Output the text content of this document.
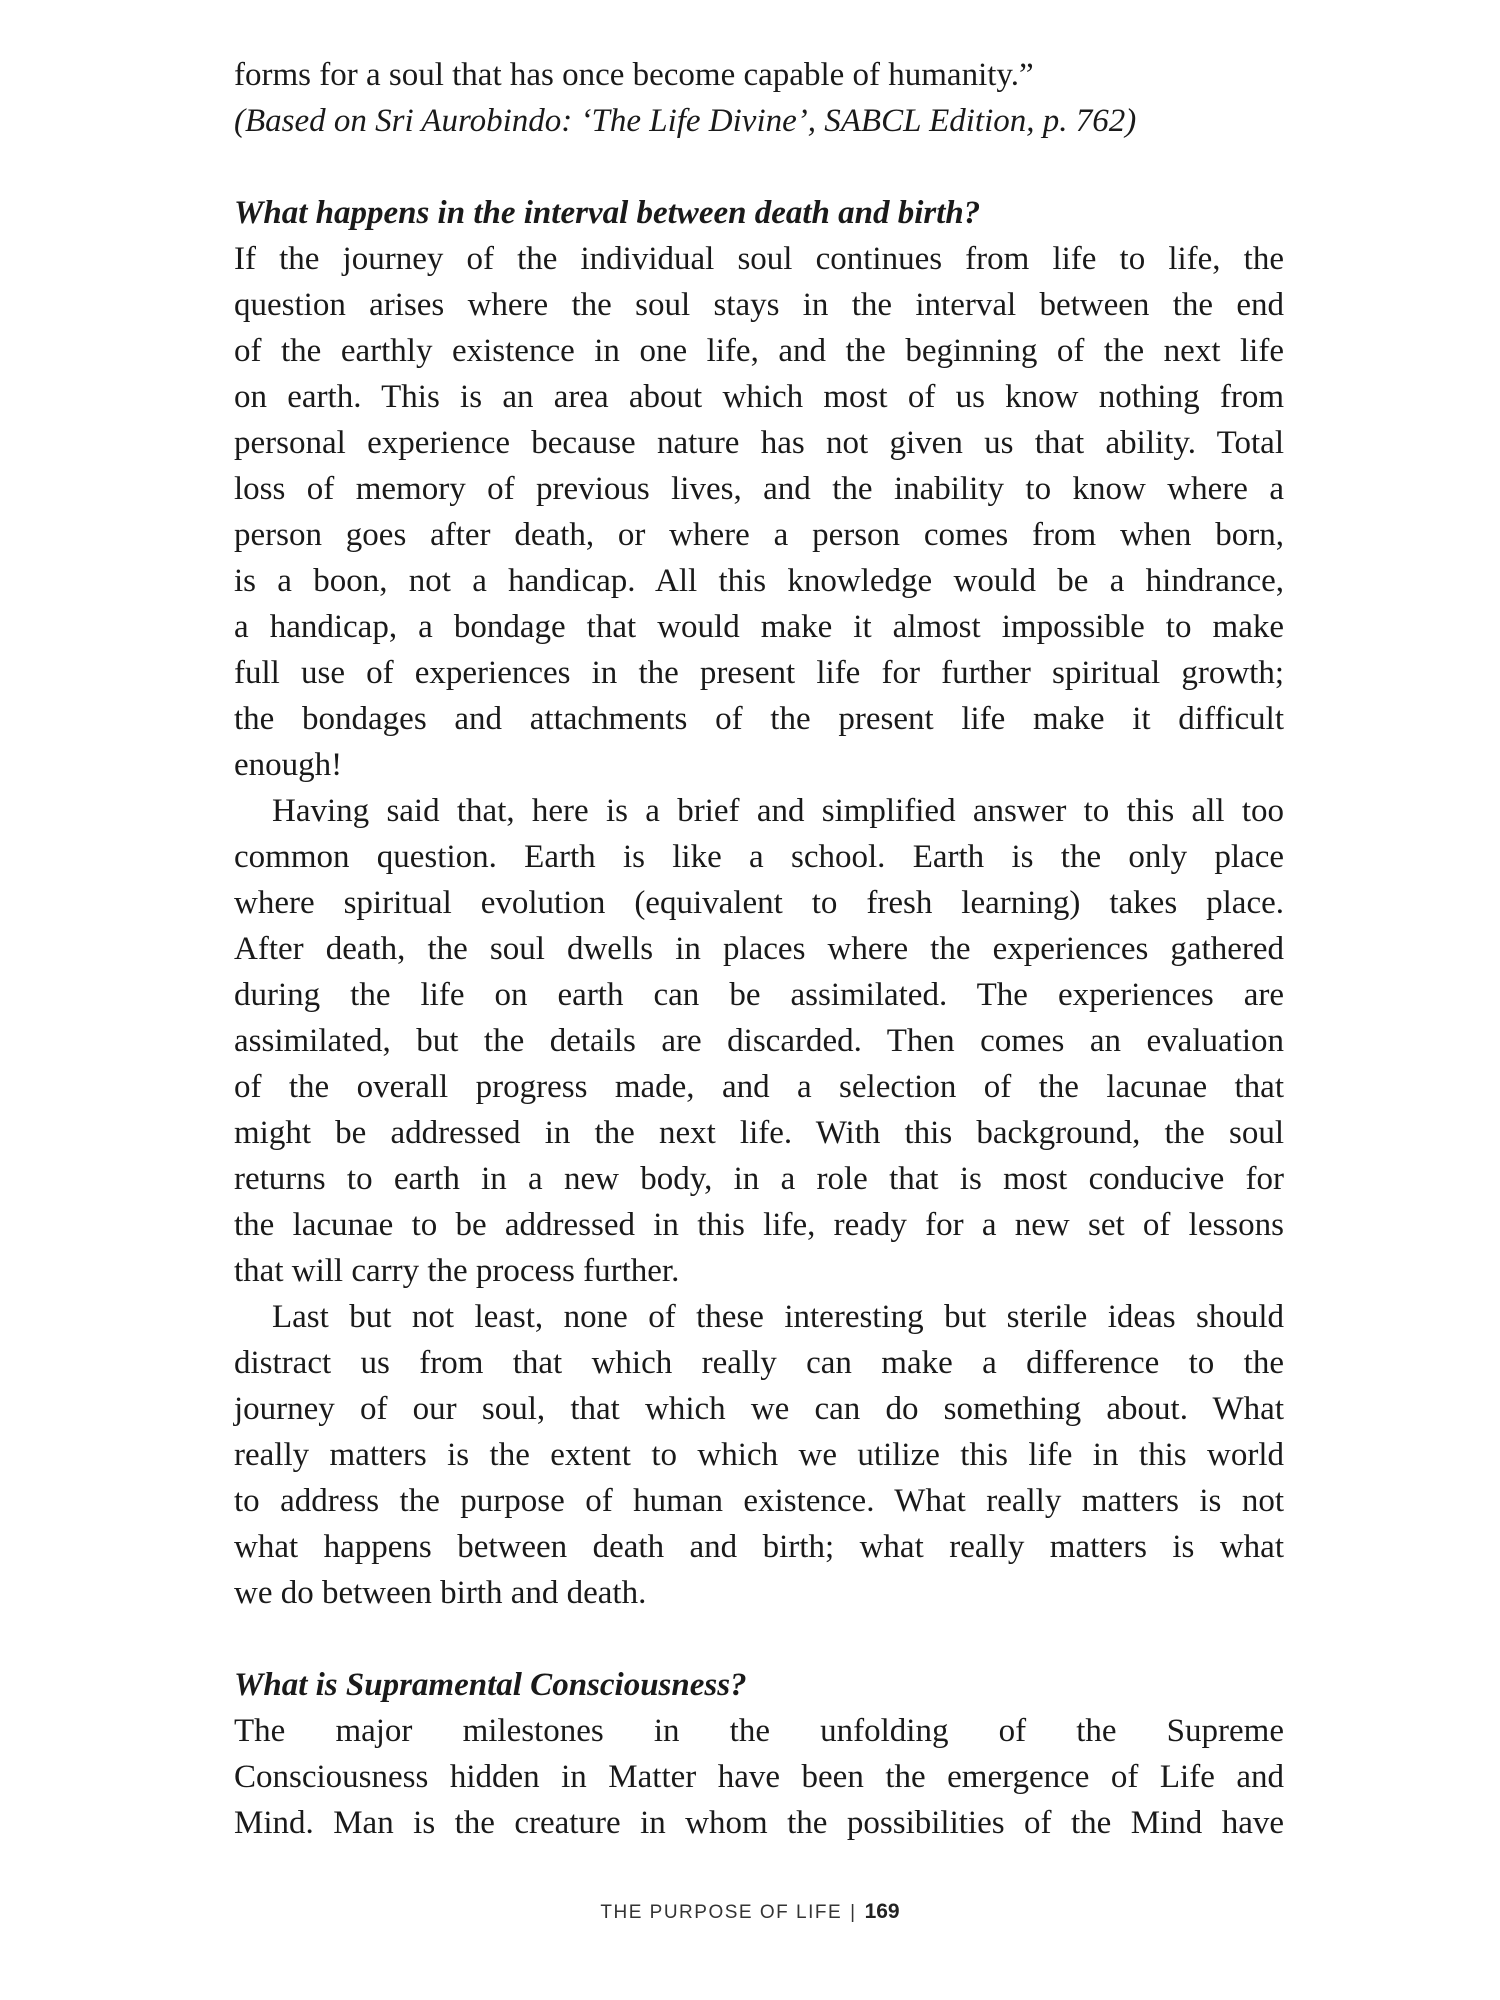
forms for a soul that has once become capable of humanity.”

(Based on Sri Aurobindo: ‘The Life Divine’, SABCL Edition, p. 762)

What happens in the interval between death and birth?

If the journey of the individual soul continues from life to life, the

question arises where the soul stays in the interval between the end

of the earthly existence in one life, and the beginning of the next life

on earth. This is an area about which most of us know nothing from

personal experience because nature has not given us that ability. Total

loss of memory of previous lives, and the inability to know where a

person goes after death, or where a person comes from when born,

is a boon, not a handicap. All this knowledge would be a hindrance,

a handicap, a bondage that would make it almost impossible to make

full use of experiences in the present life for further spiritual growth;

the bondages and attachments of the present life make it difficult

enough!

Having said that, here is a brief and simplified answer to this all too

common question. Earth is like a school. Earth is the only place

where spiritual evolution (equivalent to fresh learning) takes place.

After death, the soul dwells in places where the experiences gathered

during the life on earth can be assimilated. The experiences are

assimilated, but the details are discarded. Then comes an evaluation

of the overall progress made, and a selection of the lacunae that

might be addressed in the next life. With this background, the soul

returns to earth in a new body, in a role that is most conducive for

the lacunae to be addressed in this life, ready for a new set of lessons

that will carry the process further.

Last but not least, none of these interesting but sterile ideas should

distract us from that which really can make a difference to the

journey of our soul, that which we can do something about. What

really matters is the extent to which we utilize this life in this world

to address the purpose of human existence. What really matters is not

what happens between death and birth; what really matters is what

we do between birth and death.

What is Supramental Consciousness?

The major milestones in the unfolding of the Supreme

Consciousness hidden in Matter have been the emergence of Life and

Mind. Man is the creature in whom the possibilities of the Mind have

THE PURPOSE OF LIFE | 169
